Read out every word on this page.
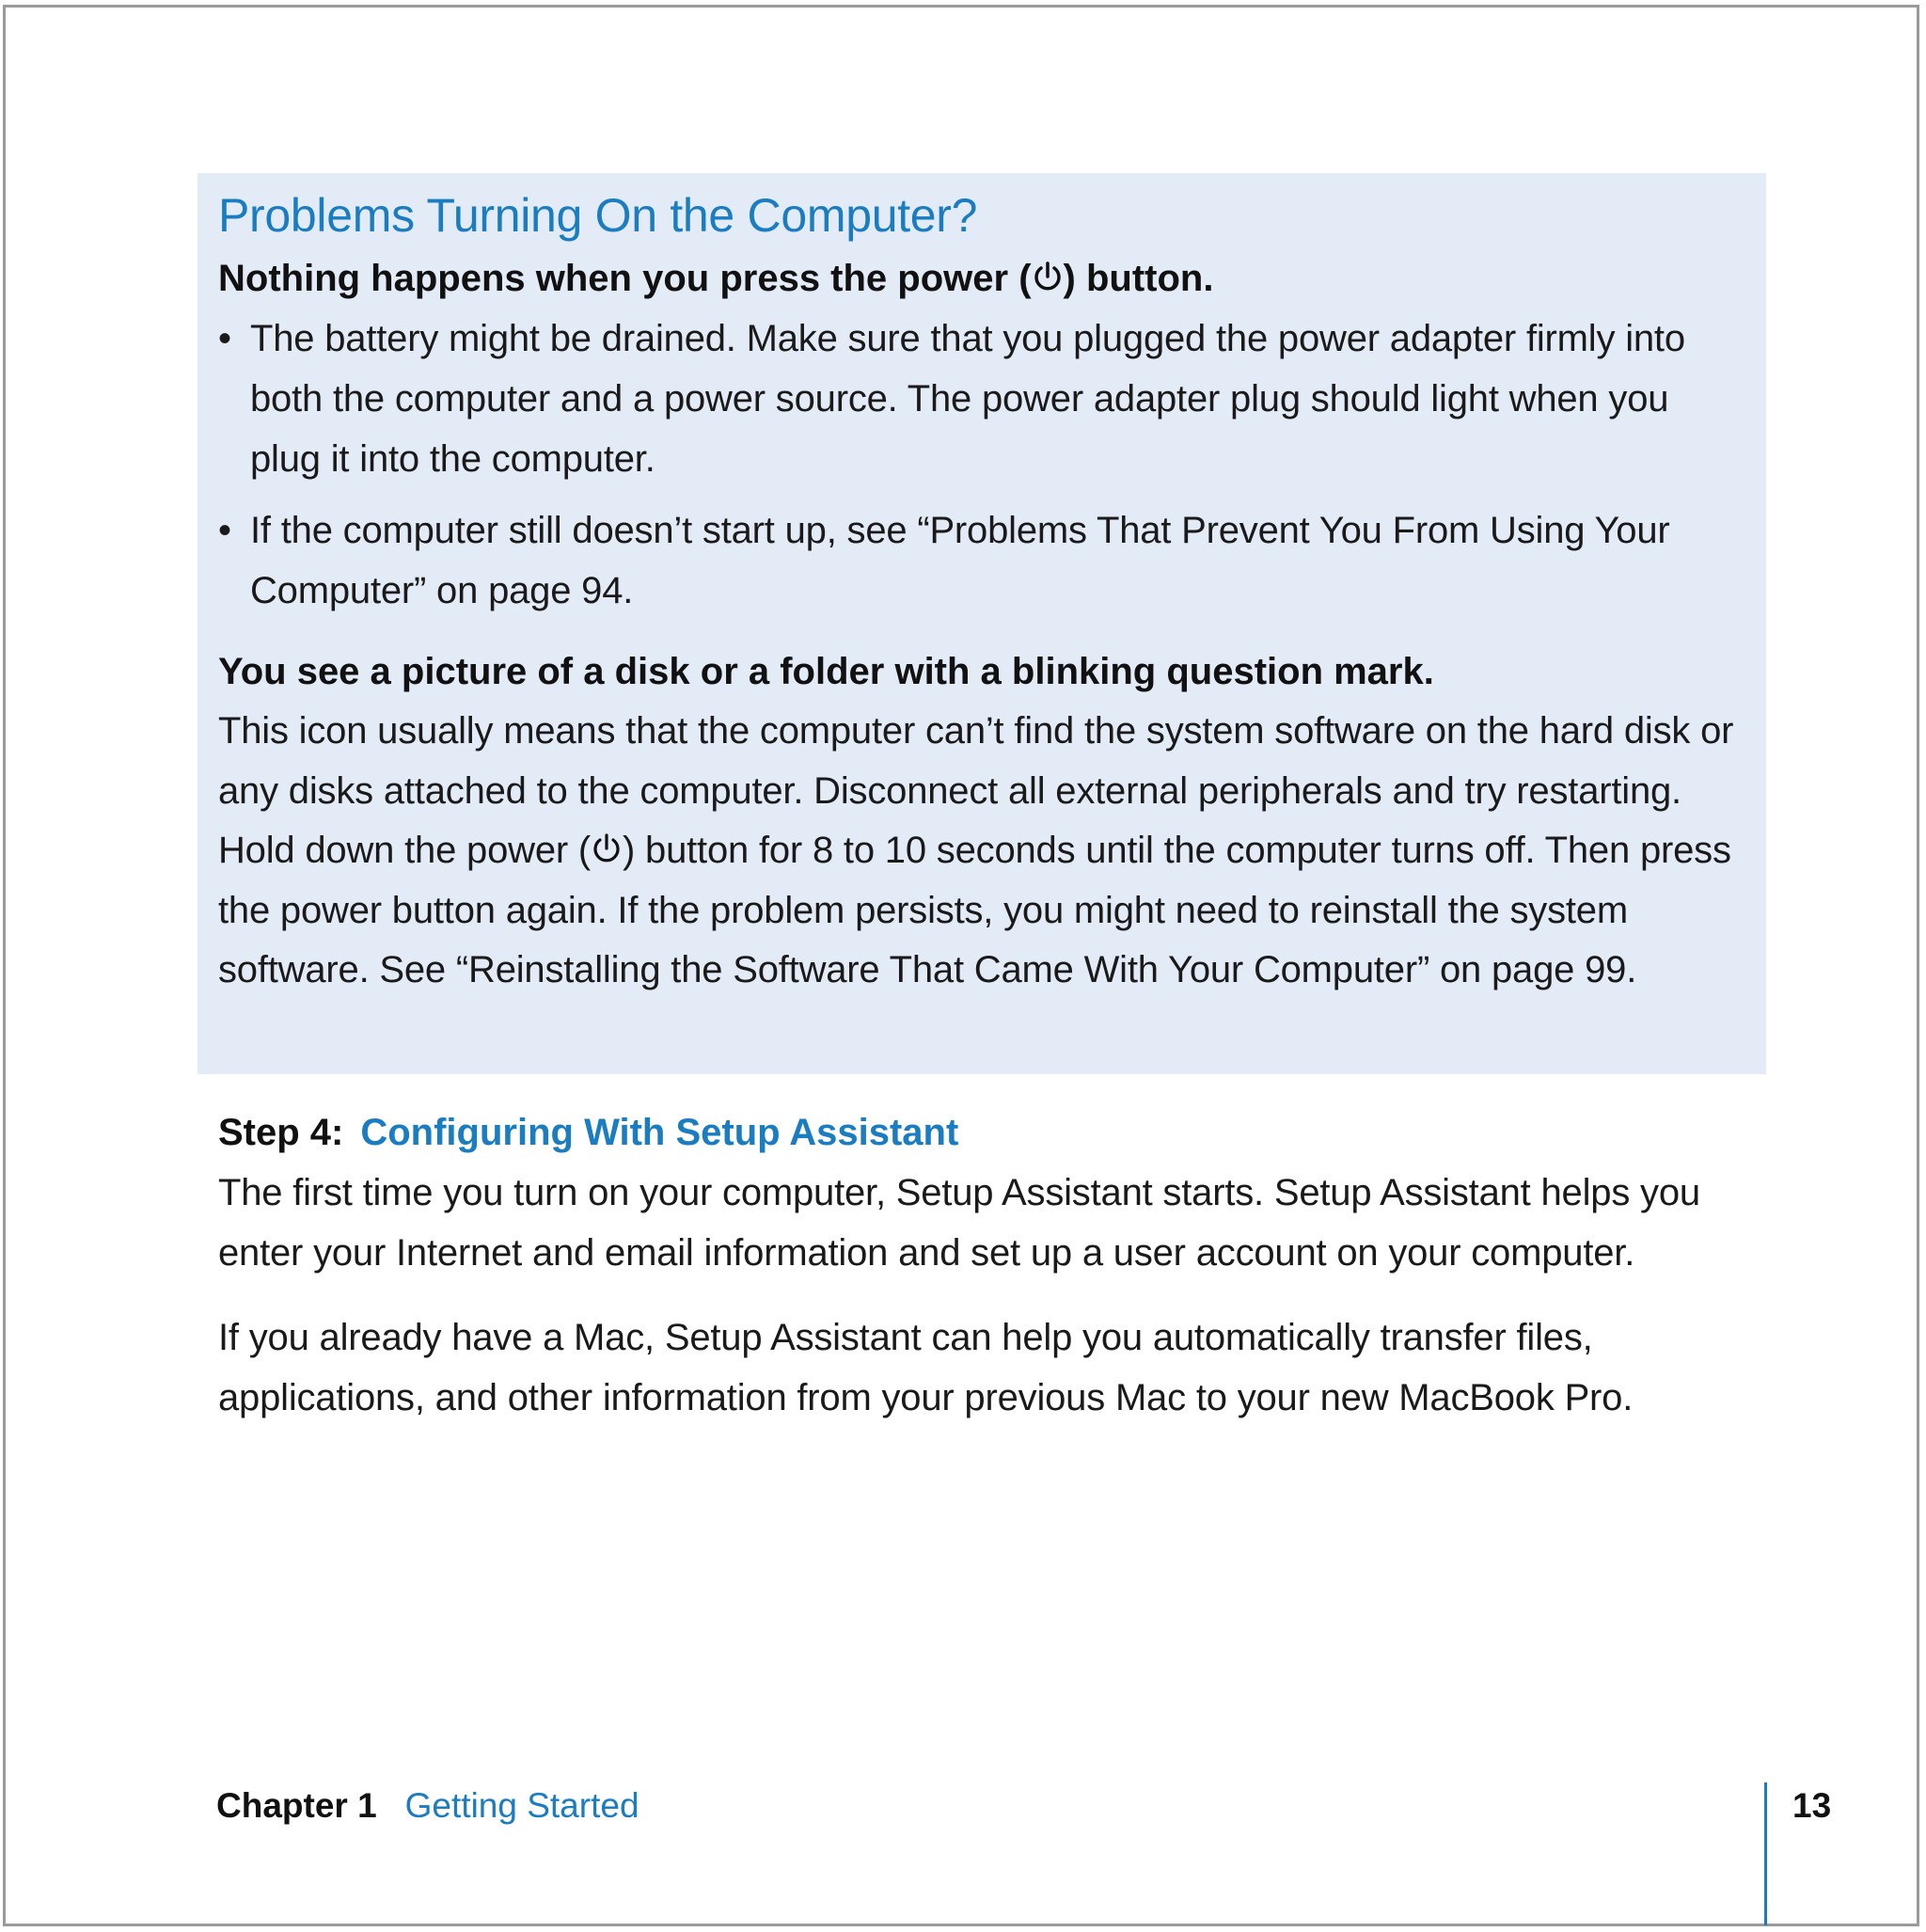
Problems Turning On the Computer?

Nothing happens when you press the power ( ) button.

• The battery might be drained. Make sure that you plugged the power adapter firmly into both the computer and a power source. The power adapter plug should light when you plug it into the computer.
• If the computer still doesn’t start up, see “Problems That Prevent You From Using Your Computer” on page 94.

You see a picture of a disk or a folder with a blinking question mark.

This icon usually means that the computer can’t find the system software on the hard disk or any disks attached to the computer. Disconnect all external peripherals and try restarting. Hold down the power ( ) button for 8 to 10 seconds until the computer turns off. Then press the power button again. If the problem persists, you might need to reinstall the system software. See “Reinstalling the Software That Came With Your Computer” on page 99.

Step 4: Configuring With Setup Assistant

The first time you turn on your computer, Setup Assistant starts. Setup Assistant helps you enter your Internet and email information and set up a user account on your computer.

If you already have a Mac, Setup Assistant can help you automatically transfer files, applications, and other information from your previous Mac to your new MacBook Pro.

Chapter 1 Getting Started	13
